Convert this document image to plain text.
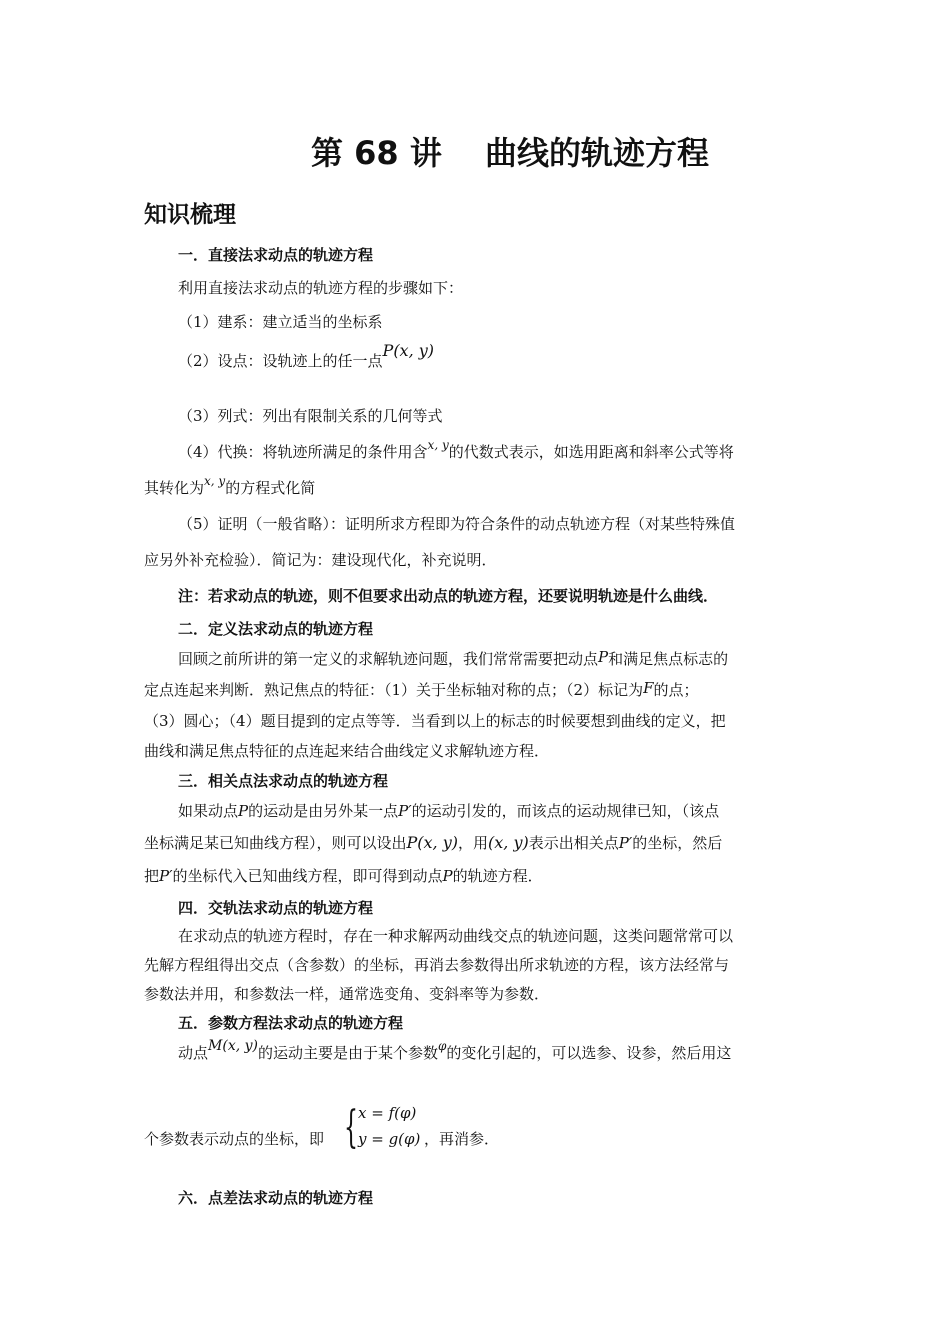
第 68 讲　 曲线的轨迹方程
知识梳理
一．直接法求动点的轨迹方程
利用直接法求动点的轨迹方程的步骤如下：
（1）建系：建立适当的坐标系
（2）设点：设轨迹上的任一点P(x, y)
（3）列式：列出有限制关系的几何等式
（4）代换：将轨迹所满足的条件用含$^{x, y}$的代数式表示，如选用距离和斜率公式等将
其转化为$^{x, y}$的方程式化简
（5）证明（一般省略）：证明所求方程即为符合条件的动点轨迹方程（对某些特殊值
应另外补充检验）．简记为：建设现代化，补充说明．
注：若求动点的轨迹，则不但要求出动点的轨迹方程，还要说明轨迹是什么曲线．
二．定义法求动点的轨迹方程
回顾之前所讲的第一定义的求解轨迹问题，我们常常需要把动点P和满足焦点标志的
定点连起来判断．熟记焦点的特征：（1）关于坐标轴对称的点；（2）标记为F的点；
（3）圆心；（4）题目提到的定点等等．当看到以上的标志的时候要想到曲线的定义，把
曲线和满足焦点特征的点连起来结合曲线定义求解轨迹方程．
三．相关点法求动点的轨迹方程
如果动点P的运动是由另外某一点P′的运动引发的，而该点的运动规律已知，（该点
坐标满足某已知曲线方程），则可以设出P(x, y)，用(x, y)表示出相关点P′的坐标，然后
把P′的坐标代入已知曲线方程，即可得到动点P的轨迹方程．
四．交轨法求动点的轨迹方程
在求动点的轨迹方程时，存在一种求解两动曲线交点的轨迹问题，这类问题常常可以
先解方程组得出交点（含参数）的坐标，再消去参数得出所求轨迹的方程，该方法经常与
参数法并用，和参数法一样，通常选变角、变斜率等为参数．
五．参数方程法求动点的轨迹方程
动点M(x, y)的运动主要是由于某个参数$^\varphi$的变化引起的，可以选参、设参，然后用这
个参数表示动点的坐标，即 { x = f(φ)
y = g(φ) ，再消参．
六．点差法求动点的轨迹方程
